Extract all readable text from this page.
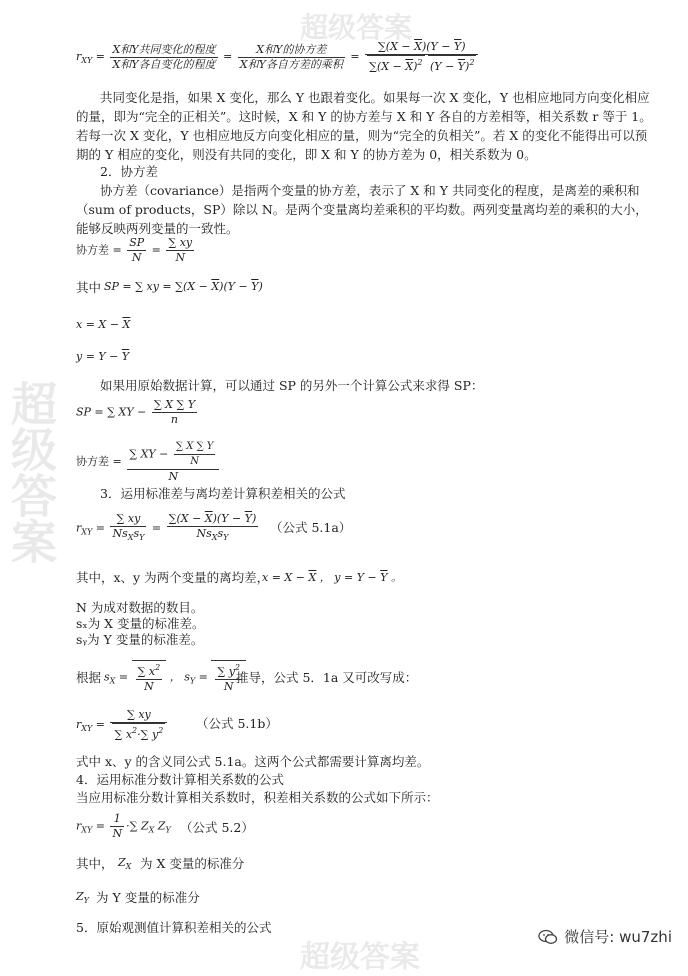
超级答案
超级答案
超级答案
$r_{XY} = \frac{\text{X和Y共同变化的程度}}{\text{X和Y各自变化的程度}} = \frac{\text{X和Y的协方差}}{\text{X和Y各自方差的乘积}} = \frac{\sum(X - \overline{X})(Y - \overline{Y})}{\sum(X - \overline{X})^2 (Y - \overline{Y})^2}$
共同变化是指，如果 X 变化，那么 Y 也跟着变化。如果每一次 X 变化，Y 也相应地同方向变化相应的量，即为“完全的正相关”。这时候，X 和 Y 的协方差与 X 和 Y 各自的方差相等，相关系数 r 等于 1。若每一次 X 变化，Y 也相应地反方向变化相应的量，则为“完全的负相关”。若 X 的变化不能得出可以预期的 Y 相应的变化，则没有共同的变化，即 X 和 Y 的协方差为 0，相关系数为 0。
2．协方差
协方差（covariance）是指两个变量的协方差，表示了 X 和 Y 共同变化的程度，是离差的乘积和（sum of products，SP）除以 N。是两个变量离均差乘积的平均数。两列变量离均差的乘积的大小，能够反映两列变量的一致性。
协方差 = $\frac{SP}{N} = \frac{\sum xy}{N}$
其中 SP = ∑ xy = $\sum(X - \overline{X})(Y - \overline{Y})$
$x = X - \overline{X}$
$y = Y - \overline{Y}$
如果用原始数据计算，可以通过 SP 的另外一个计算公式来求得 SP：
SP = ∑ XY − $\frac{\sum X \sum Y}{n}$
协方差 = $\frac{\sum XY - \frac{\sum X \sum Y}{N}}{N}$
3．运用标准差与离均差计算积差相关的公式
$r_{XY} = \frac{\sum xy}{Ns_Xs_Y} = \frac{\sum(X - \overline{X})(Y - \overline{Y})}{Ns_Xs_Y}$ （公式 5.1a）
其中，x、y 为两个变量的离均差，
$x = X - \overline{X}$ ， $y = Y - \overline{Y}$ 。
N 为成对数据的数目。
sₓ为 X 变量的标准差。
sᵧ为 Y 变量的标准差。
根据 $s_X = \frac{\sum x^2}{N}$ ， $s_Y = \frac{\sum y^2}{N}$
推导，公式 5．1a 又可改写成：
$r_{XY} = \frac{\sum xy}{\sum x^2\cdot\sum y^2}$ （公式 5.1b）
式中 x、y 的含义同公式 5.1a。这两个公式都需要计算离均差。
4．运用标准分数计算相关系数的公式
当应用标准分数计算相关系数时，积差相关系数的公式如下所示：
$r_{XY} = \frac{1}{N}$ ·∑ $Z_X$ $Z_Y$ （公式 5.2）
其中， $Z_X$ 为 X 变量的标准分
$Z_Y$ 为 Y 变量的标准分
5．原始观测值计算积差相关的公式
微信号: wu7zhi
